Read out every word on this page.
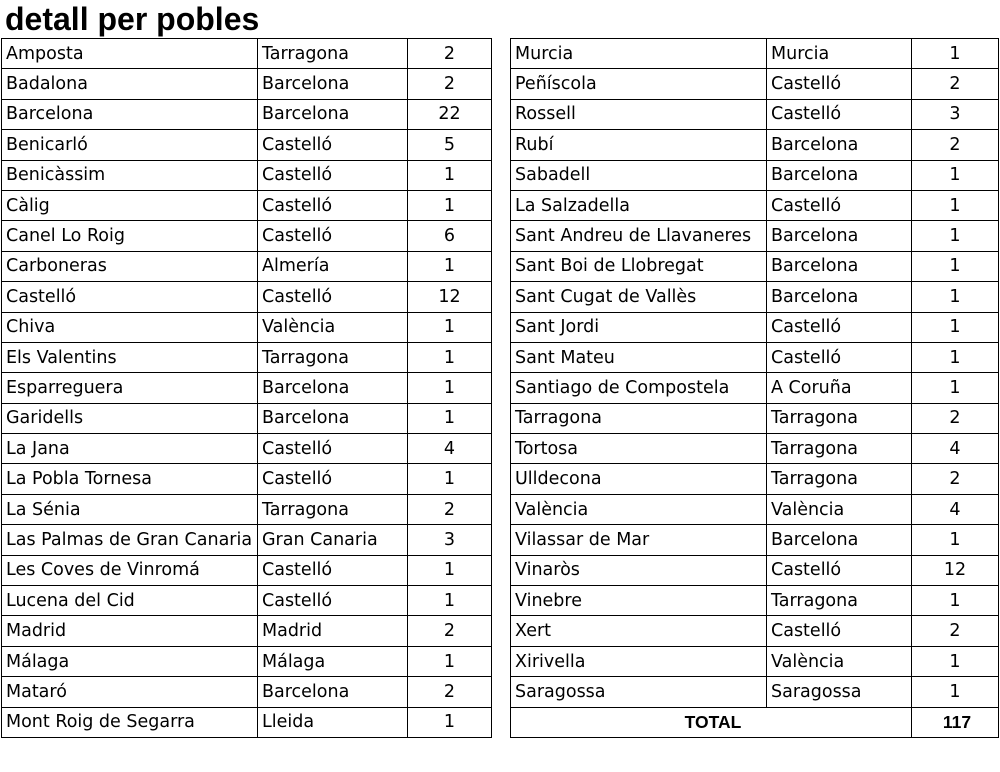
detall per pobles
Amposta	Tarragona	2
Badalona	Barcelona	2
Barcelona	Barcelona	22
Benicarló	Castelló	5
Benicàssim	Castelló	1
Càlig	Castelló	1
Canel Lo Roig	Castelló	6
Carboneras	Almería	1
Castelló	Castelló	12
Chiva	València	1
Els Valentins	Tarragona	1
Esparreguera	Barcelona	1
Garidells	Barcelona	1
La Jana	Castelló	4
La Pobla Tornesa	Castelló	1
La Sénia	Tarragona	2
Las Palmas de Gran Canaria	Gran Canaria	3
Les Coves de Vinromá	Castelló	1
Lucena del Cid	Castelló	1
Madrid	Madrid	2
Málaga	Málaga	1
Mataró	Barcelona	2
Mont Roig de Segarra	Lleida	1
Murcia	Murcia	1
Peñíscola	Castelló	2
Rossell	Castelló	3
Rubí	Barcelona	2
Sabadell	Barcelona	1
La Salzadella	Castelló	1
Sant Andreu de Llavaneres	Barcelona	1
Sant Boi de Llobregat	Barcelona	1
Sant Cugat de Vallès	Barcelona	1
Sant Jordi	Castelló	1
Sant Mateu	Castelló	1
Santiago de Compostela	A Coruña	1
Tarragona	Tarragona	2
Tortosa	Tarragona	4
Ulldecona	Tarragona	2
València	València	4
Vilassar de Mar	Barcelona	1
Vinaròs	Castelló	12
Vinebre	Tarragona	1
Xert	Castelló	2
Xirivella	València	1
Saragossa	Saragossa	1
TOTAL		117
